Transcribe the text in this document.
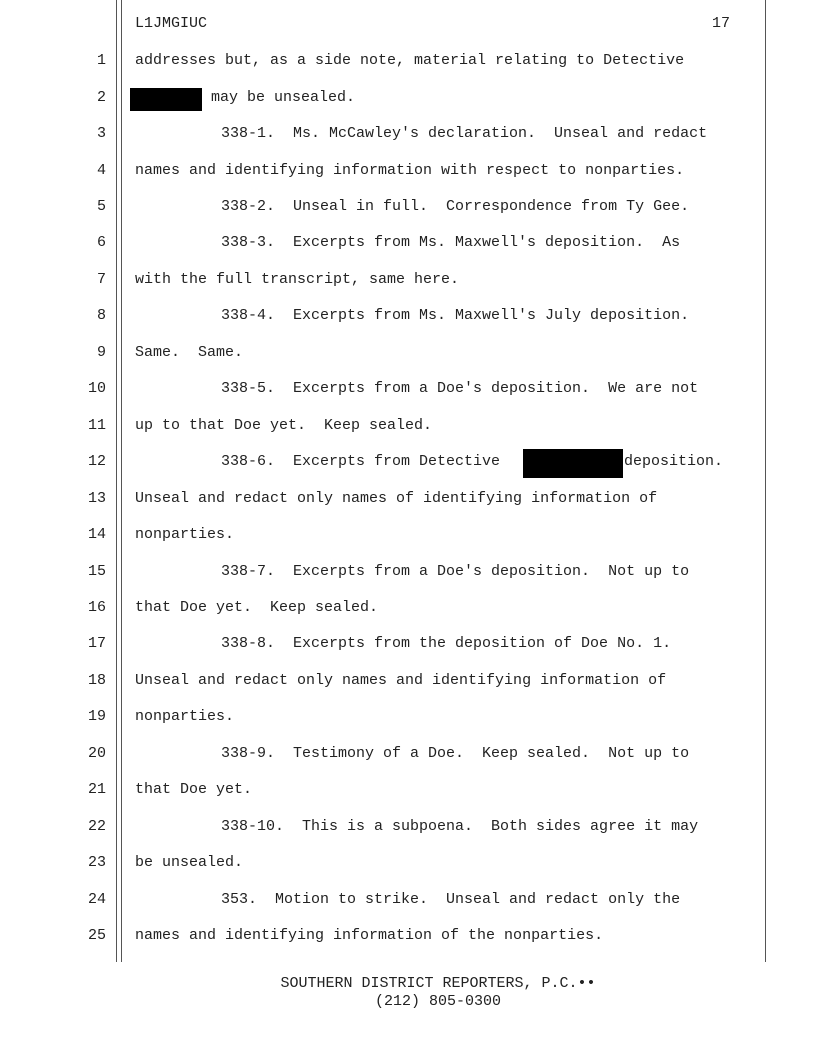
L1JMGIUC	17
1 addresses but, as a side note, material relating to Detective
2	may be unsealed.
3	338-1.  Ms. McCawley's declaration.  Unseal and redact
4 names and identifying information with respect to nonparties.
5	338-2.  Unseal in full.  Correspondence from Ty Gee.
6	338-3.  Excerpts from Ms. Maxwell's deposition.  As
7 with the full transcript, same here.
8	338-4.  Excerpts from Ms. Maxwell's July deposition.
9 Same.  Same.
10	338-5.  Excerpts from a Doe's deposition.  We are not
11 up to that Doe yet.  Keep sealed.
12	338-6.  Excerpts from Detective	deposition.
13 Unseal and redact only names of identifying information of
14 nonparties.
15	338-7.  Excerpts from a Doe's deposition.  Not up to
16 that Doe yet.  Keep sealed.
17	338-8.  Excerpts from the deposition of Doe No. 1.
18 Unseal and redact only names and identifying information of
19 nonparties.
20	338-9.  Testimony of a Doe.  Keep sealed.  Not up to
21 that Doe yet.
22	338-10.  This is a subpoena.  Both sides agree it may
23 be unsealed.
24	353.  Motion to strike.  Unseal and redact only the
25 names and identifying information of the nonparties.
SOUTHERN DISTRICT REPORTERS, P.C.••
(212) 805-0300
